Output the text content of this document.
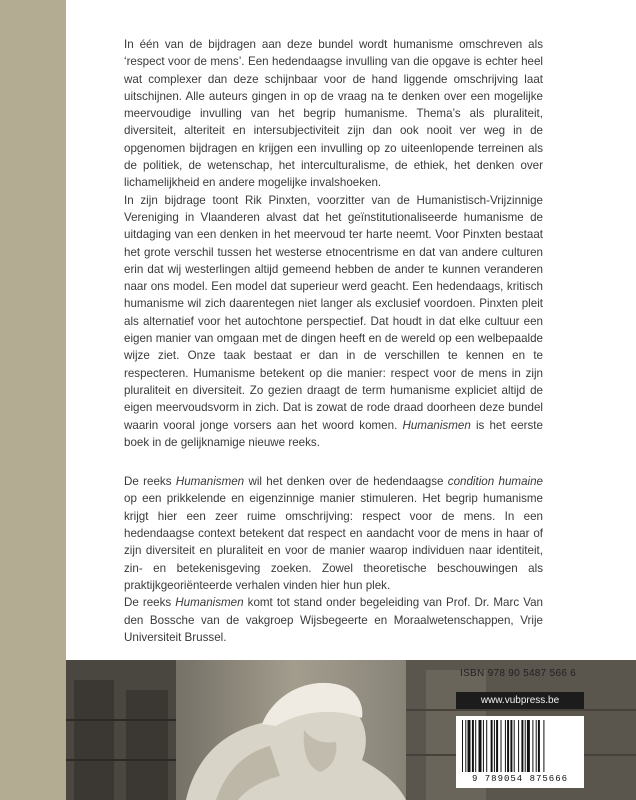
In één van de bijdragen aan deze bundel wordt humanisme omschreven als ‘respect voor de mens’. Een hedendaagse invulling van die opgave is echter heel wat complexer dan deze schijnbaar voor de hand liggende omschrijving laat uitschijnen. Alle auteurs gingen in op de vraag na te denken over een mogelijke meervoudige invulling van het begrip humanisme. Thema’s als pluraliteit, diversiteit, alteriteit en intersubjectiviteit zijn dan ook nooit ver weg in de opgenomen bijdragen en krijgen een invulling op zo uiteenlopende terreinen als de politiek, de wetenschap, het interculturalisme, de ethiek, het denken over lichamelijkheid en andere mogelijke invalshoeken.

In zijn bijdrage toont Rik Pinxten, voorzitter van de Humanistisch-Vrijzinnige Vereniging in Vlaanderen alvast dat het geïnstitutionaliseerde humanisme de uitdaging van een denken in het meervoud ter harte neemt. Voor Pinxten bestaat het grote verschil tussen het westerse etnocentrisme en dat van andere culturen erin dat wij westerlingen altijd gemeend hebben de ander te kunnen veranderen naar ons model. Een model dat superieur werd geacht. Een hedendaags, kritisch humanisme wil zich daarentegen niet langer als exclusief voordoen. Pinxten pleit als alternatief voor het autochtone perspectief. Dat houdt in dat elke cultuur een eigen manier van omgaan met de dingen heeft en de wereld op een welbepaalde wijze ziet. Onze taak bestaat er dan in de verschillen te kennen en te respecteren. Humanisme betekent op die manier: respect voor de mens in zijn pluraliteit en diversiteit. Zo gezien draagt de term humanisme expliciet altijd de eigen meervoudsvorm in zich. Dat is zowat de rode draad doorheen deze bundel waarin vooral jonge vorsers aan het woord komen. Humanismen is het eerste boek in de gelijknamige nieuwe reeks.

De reeks Humanismen wil het denken over de hedendaagse condition humaine op een prikkelende en eigenzinnige manier stimuleren. Het begrip humanisme krijgt hier een zeer ruime omschrijving: respect voor de mens. In een hedendaagse context betekent dat respect en aandacht voor de mens in haar of zijn diversiteit en pluraliteit en voor de manier waarop individuen naar identiteit, zin- en betekenisgeving zoeken. Zowel theoretische beschouwingen als praktijkgeoriënteerde verhalen vinden hier hun plek.

De reeks Humanismen komt tot stand onder begeleiding van Prof. Dr. Marc Van den Bossche van de vakgroep Wijsbegeerte en Moraalwetenschappen, Vrije Universiteit Brussel.

ISBN 978 90 5487 566 6
www.vubpress.be
9 789054 875666
